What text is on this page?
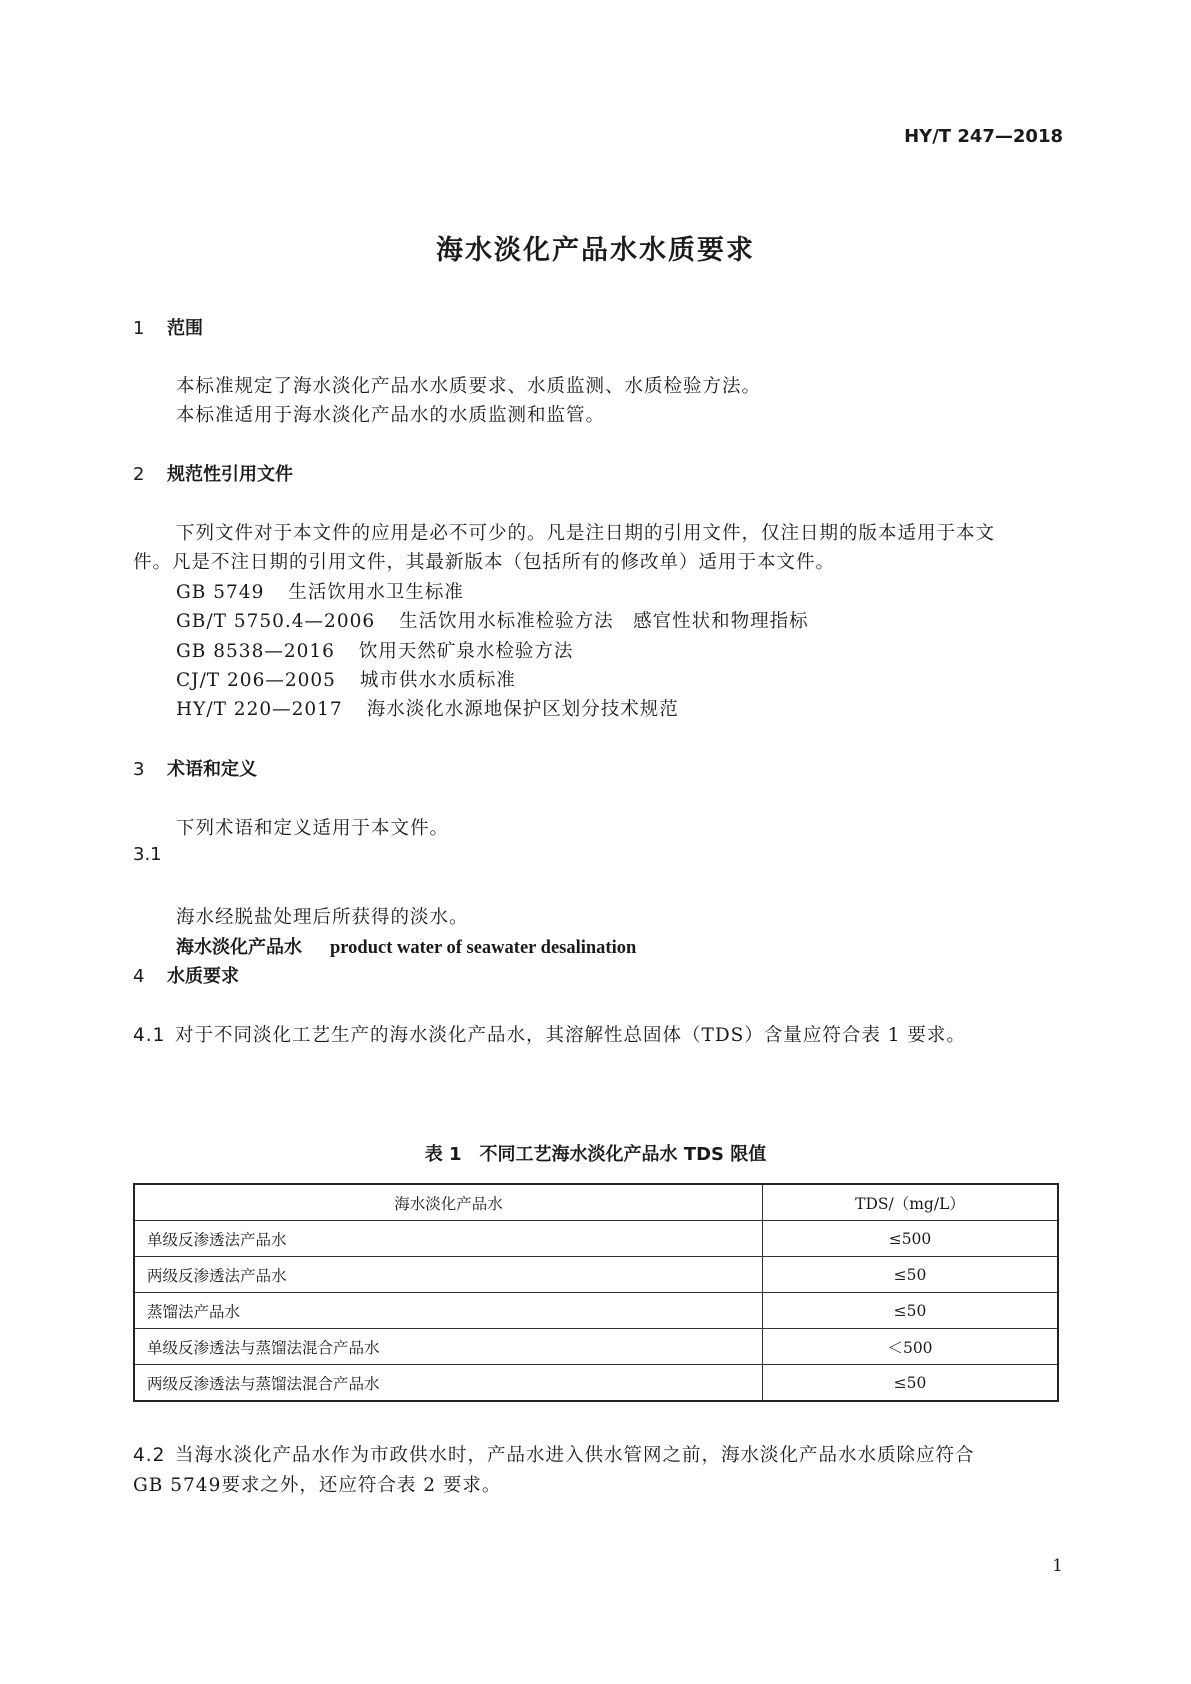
HY/T 247—2018
海水淡化产品水水质要求
1 范围
本标准规定了海水淡化产品水水质要求、水质监测、水质检验方法。
本标准适用于海水淡化产品水的水质监测和监管。
2 规范性引用文件
下列文件对于本文件的应用是必不可少的。凡是注日期的引用文件，仅注日期的版本适用于本文
件。凡是不注日期的引用文件，其最新版本（包括所有的修改单）适用于本文件。
GB 5749 生活饮用水卫生标准
GB/T 5750.4—2006 生活饮用水标准检验方法　感官性状和物理指标
GB 8538—2016 饮用天然矿泉水检验方法
CJ/T 206—2005 城市供水水质标准
HY/T 220—2017 海水淡化水源地保护区划分技术规范
3 术语和定义
下列术语和定义适用于本文件。
3.1
海水淡化产品水 product water of seawater desalination
海水经脱盐处理后所获得的淡水。
4 水质要求
4.1 对于不同淡化工艺生产的海水淡化产品水，其溶解性总固体（TDS）含量应符合表 1 要求。
表 1　不同工艺海水淡化产品水 TDS 限值
海水淡化产品水	TDS/（mg/L）
单级反渗透法产品水	≤500
两级反渗透法产品水	≤50
蒸馏法产品水	≤50
单级反渗透法与蒸馏法混合产品水	＜500
两级反渗透法与蒸馏法混合产品水	≤50
4.2 当海水淡化产品水作为市政供水时，产品水进入供水管网之前，海水淡化产品水水质除应符合
GB 5749要求之外，还应符合表 2 要求。
1
